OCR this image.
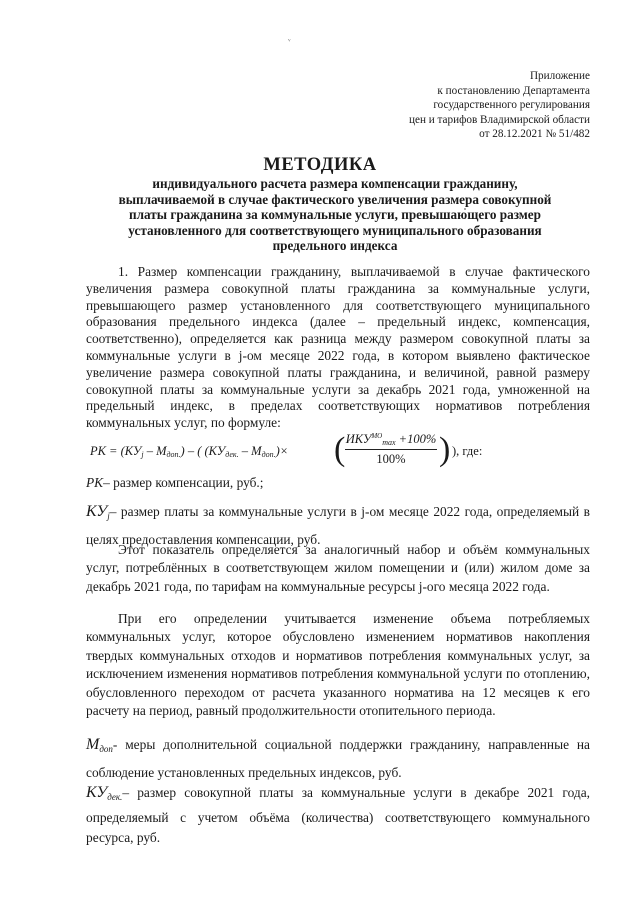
ᵛ
Приложение
к постановлению Департамента
государственного регулирования
цен и тарифов Владимирской области
от 28.12.2021 № 51/482
МЕТОДИКА
индивидуального расчета размера компенсации гражданину,
выплачиваемой в случае фактического увеличения размера совокупной
платы гражданина за коммунальные услуги, превышающего размер
установленного для соответствующего муниципального образования
предельного индекса

1. Размер компенсации гражданину, выплачиваемой в случае фактического увеличения размера совокупной платы гражданина за коммунальные услуги, превышающего размер установленного для соответствующего муниципального образования предельного индекса (далее – предельный индекс, компенсация, соответственно), определяется как разница между размером совокупной платы за коммунальные услуги в j-ом месяце 2022 года, в котором выявлено фактическое увеличение размера совокупной платы гражданина, и величиной, равной размеру совокупной платы за коммунальные услуги за декабрь 2021 года, умноженной на предельный индекс, в пределах соответствующих нормативов потребления коммунальных услуг, по формуле:

РК = $(КУ_j - М_{доп.})$ – ( $(КУ_{дек.} - М_{доп.})\times$ ( $ИКУ^{МО}_{max} +100\%$
100% ) ), где:

РК– размер компенсации, руб.;

$КУ_j-$ размер платы за коммунальные услуги в j-ом месяце 2022 года, определяемый в целях предоставления компенсации, руб.

Этот показатель определяется за аналогичный набор и объём коммунальных услуг, потреблённых в соответствующем жилом помещении и (или) жилом доме за декабрь 2021 года, по тарифам на коммунальные ресурсы j-ого месяца 2022 года.

При его определении учитывается изменение объема потребляемых коммунальных услуг, которое обусловлено изменением нормативов накопления твердых коммунальных отходов и нормативов потребления коммунальных услуг, за исключением изменения нормативов потребления коммунальной услуги по отоплению, обусловленного переходом от расчета указанного норматива на 12 месяцев к его расчету на период, равный продолжительности отопительного периода.

$М_{доп}-$ меры дополнительной социальной поддержки гражданину, направленные на соблюдение установленных предельных индексов, руб.

$КУ_{дек.}-$ размер совокупной платы за коммунальные услуги в декабре 2021 года, определяемый с учетом объёма (количества) соответствующего коммунального ресурса, руб.
